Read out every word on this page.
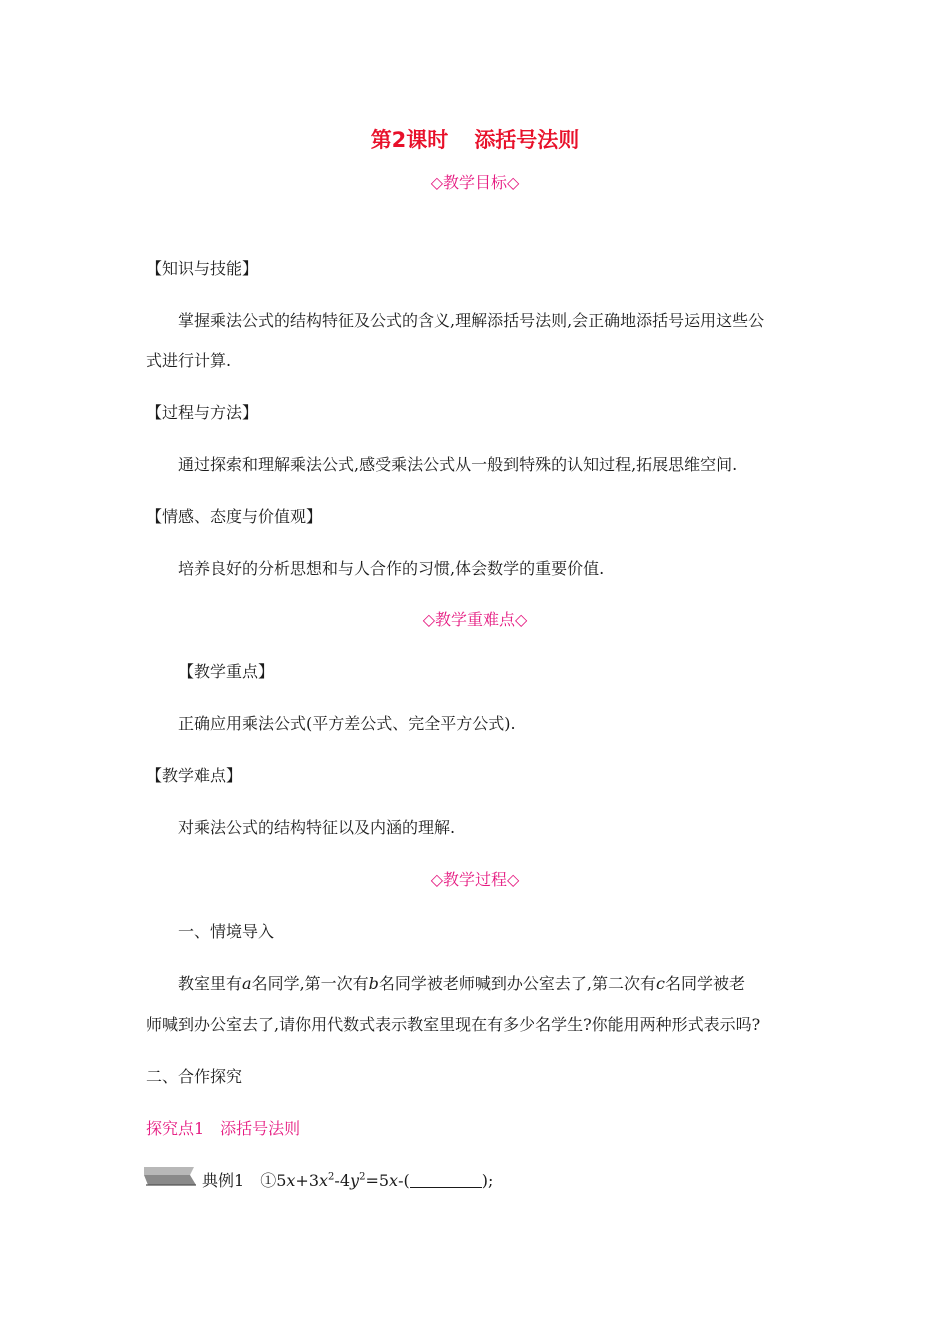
第2课时 添括号法则
◇教学目标◇
【知识与技能】
掌握乘法公式的结构特征及公式的含义,理解添括号法则,会正确地添括号运用这些公
式进行计算.
【过程与方法】
通过探索和理解乘法公式,感受乘法公式从一般到特殊的认知过程,拓展思维空间.
【情感、态度与价值观】
培养良好的分析思想和与人合作的习惯,体会数学的重要价值.
◇教学重难点◇
【教学重点】
正确应用乘法公式(平方差公式、完全平方公式).
【教学难点】
对乘法公式的结构特征以及内涵的理解.
◇教学过程◇
一、情境导入
教室里有a名同学,第一次有b名同学被老师喊到办公室去了,第二次有c名同学被老
师喊到办公室去了,请你用代数式表示教室里现在有多少名学生?你能用两种形式表示吗?
二、合作探究
探究点1　添括号法则
典例1  $①5x+3x^2-4y^2=5x-$(	);
